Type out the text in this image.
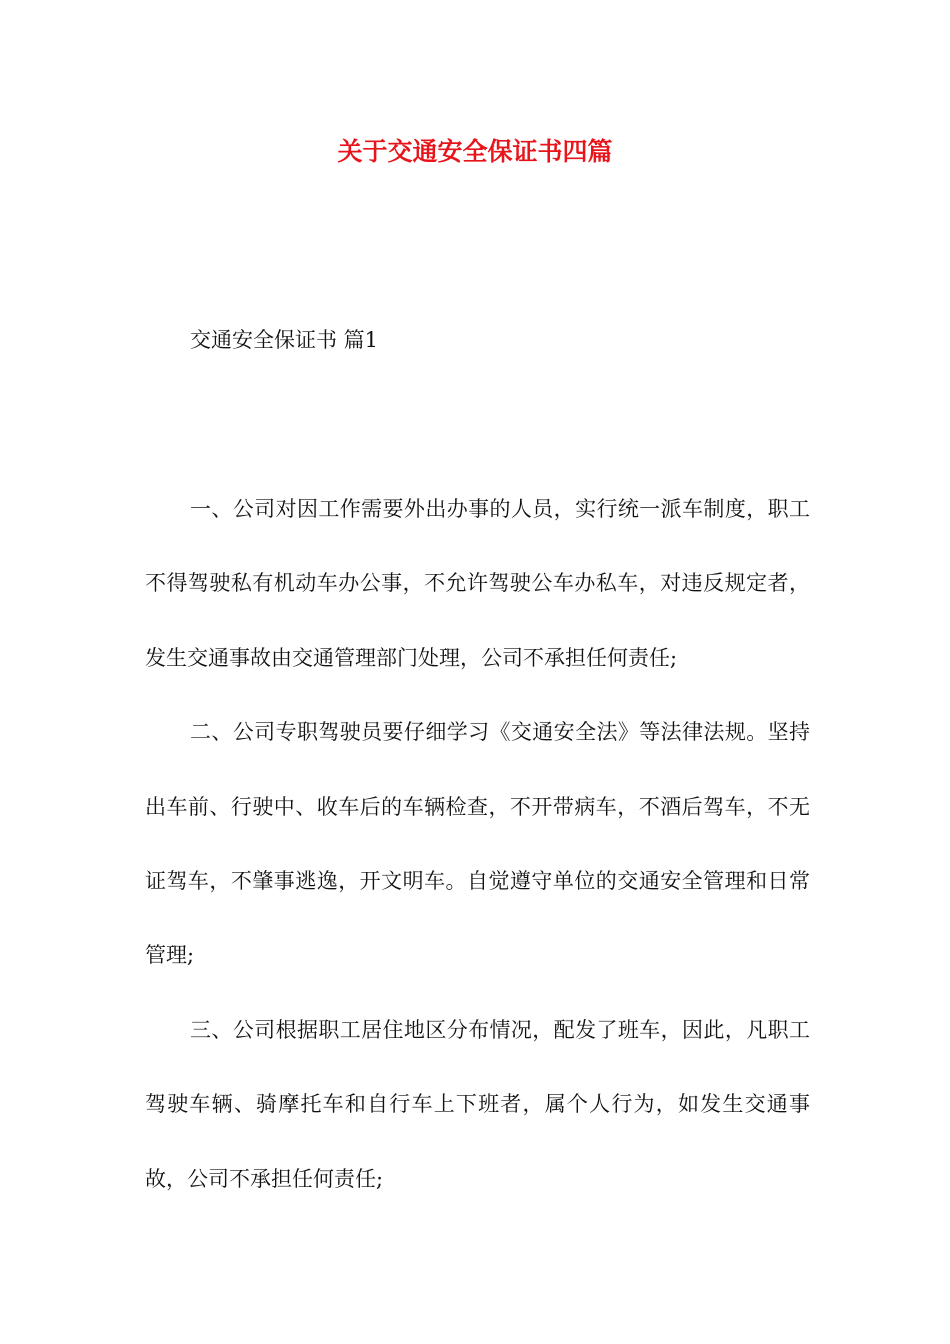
关于交通安全保证书四篇

交通安全保证书 篇1

一、公司对因工作需要外出办事的人员，实行统一派车制度，职工不得驾驶私有机动车办公事，不允许驾驶公车办私车，对违反规定者，发生交通事故由交通管理部门处理，公司不承担任何责任;

二、公司专职驾驶员要仔细学习《交通安全法》等法律法规。坚持出车前、行驶中、收车后的车辆检查，不开带病车，不酒后驾车，不无证驾车，不肇事逃逸，开文明车。自觉遵守单位的交通安全管理和日常管理;

三、公司根据职工居住地区分布情况，配发了班车，因此，凡职工驾驶车辆、骑摩托车和自行车上下班者，属个人行为，如发生交通事故，公司不承担任何责任;
